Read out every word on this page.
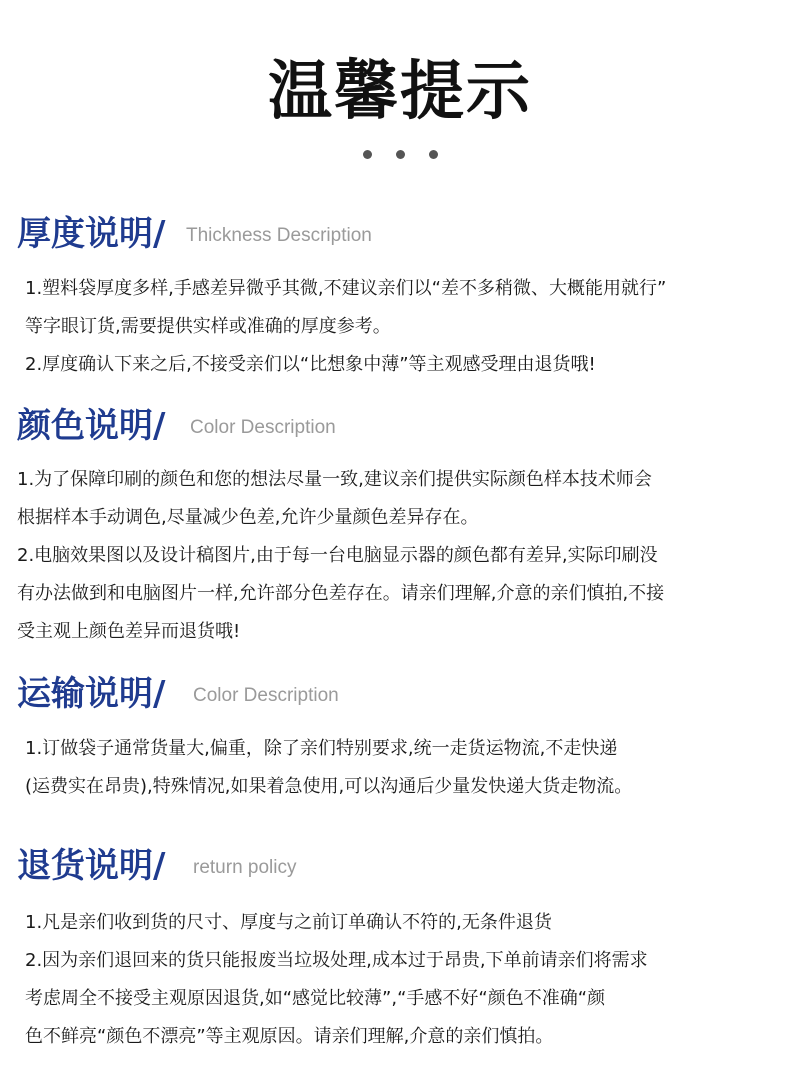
温馨提示
厚度说明/ Thickness Description
1.塑料袋厚度多样,手感差异微乎其微,不建议亲们以“差不多稍微、大概能用就行”
等字眼订货,需要提供实样或准确的厚度参考。
2.厚度确认下来之后,不接受亲们以“比想象中薄”等主观感受理由退货哦!
颜色说明/ Color Description
1.为了保障印刷的颜色和您的想法尽量一致,建议亲们提供实际颜色样本技术师会
根据样本手动调色,尽量减少色差,允许少量颜色差异存在。
2.电脑效果图以及设计稿图片,由于每一台电脑显示器的颜色都有差异,实际印刷没
有办法做到和电脑图片一样,允许部分色差存在。请亲们理解,介意的亲们慎拍,不接
受主观上颜色差异而退货哦!
运输说明/ Color Description
1.订做袋子通常货量大,偏重，除了亲们特别要求,统一走货运物流,不走快递
(运费实在昂贵),特殊情况,如果着急使用,可以沟通后少量发快递大货走物流。
退货说明/ return policy
1.凡是亲们收到货的尺寸、厚度与之前订单确认不符的,无条件退货
2.因为亲们退回来的货只能报废当垃圾处理,成本过于昂贵,下单前请亲们将需求
考虑周全不接受主观原因退货,如“感觉比较薄”,“手感不好“颜色不准确“颜
色不鲜亮“颜色不漂亮”等主观原因。请亲们理解,介意的亲们慎拍。
